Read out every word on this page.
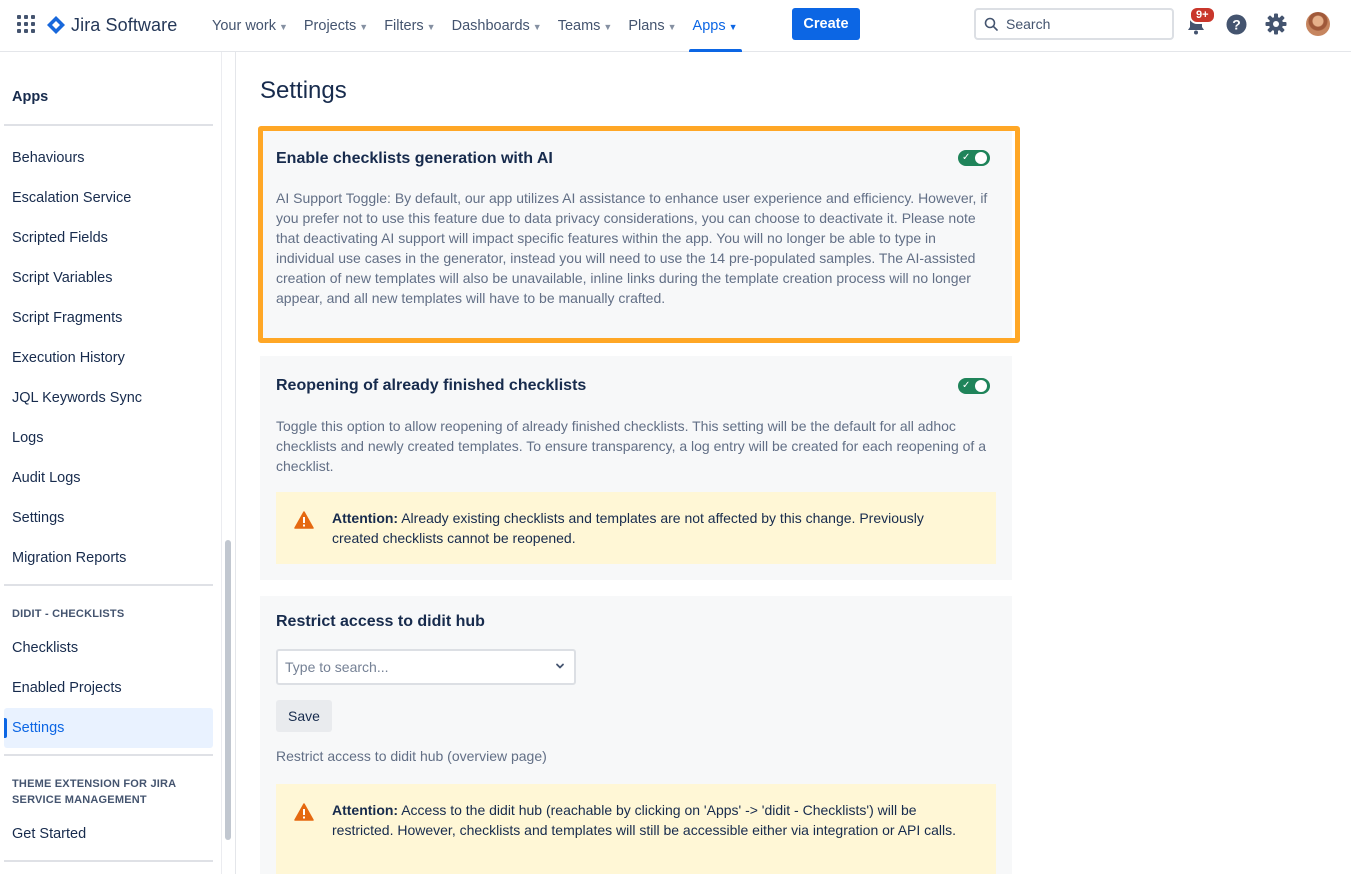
Jira Software Your work ▼ Projects ▼ Filters ▼ Dashboards ▼ Teams ▼ Plans ▼ Apps ▼	Create
Search
9+
?
Apps
Behaviours
Escalation Service
Scripted Fields
Script Variables
Script Fragments
Execution History
JQL Keywords Sync
Logs
Audit Logs
Settings
Migration Reports
DIDIT - CHECKLISTS
Checklists
Enabled Projects
Settings
THEME EXTENSION FOR JIRA SERVICE MANAGEMENT
Get Started
Settings
Enable checklists generation with AI	✓
AI Support Toggle: By default, our app utilizes AI assistance to enhance user experience and efficiency. However, if you prefer not to use this feature due to data privacy considerations, you can choose to deactivate it. Please note that deactivating AI support will impact specific features within the app. You will no longer be able to type in individual use cases in the generator, instead you will need to use the 14 pre-populated samples. The AI-assisted creation of new templates will also be unavailable, inline links during the template creation process will no longer appear, and all new templates will have to be manually crafted.
Reopening of already finished checklists	✓
Toggle this option to allow reopening of already finished checklists. This setting will be the default for all adhoc checklists and newly created templates. To ensure transparency, a log entry will be created for each reopening of a checklist.
Attention: Already existing checklists and templates are not affected by this change. Previously created checklists cannot be reopened.
Restrict access to didit hub
Type to search...
Save
Restrict access to didit hub (overview page)
Attention: Access to the didit hub (reachable by clicking on 'Apps' -> 'didit - Checklists') will be restricted. However, checklists and templates will still be accessible either via integration or API calls.
